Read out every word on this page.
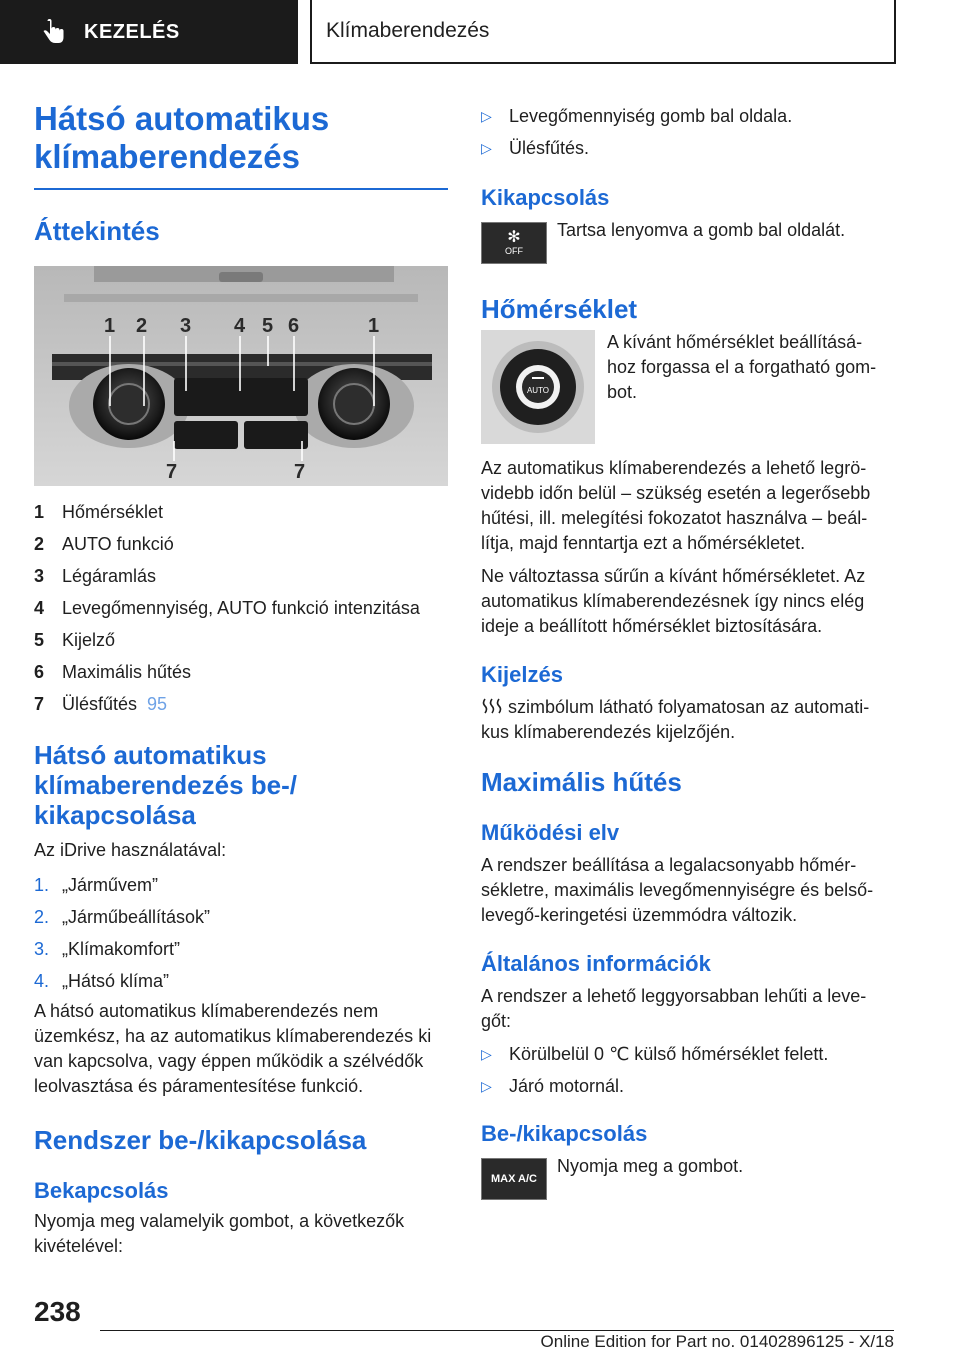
KEZELÉS	Klímaberendezés
Hátsó automatikus
klímaberendezés
Áttekintés
1 2 3 4 5 6	1
7	7
1 Hőmérséklet
2 AUTO funkció
3 Légáramlás
4 Levegőmennyiség, AUTO funkció intenzitása
5 Kijelző
6 Maximális hűtés
7 Ülésfűtés 95
Hátsó automatikus
klímaberendezés be-/
kikapcsolása

Az iDrive használatával:

1. „Járművem”
2. „Járműbeállítások”
3. „Klímakomfort”
4. „Hátsó klíma”

A hátsó automatikus klímaberendezés nem üzemkész, ha az automatikus klímaberendezés ki van kapcsolva, vagy éppen működik a szélvédők leolvasztása és páramentesítése funkció.

Rendszer be-/kikapcsolása
Bekapcsolás

Nyomja meg valamelyik gombot, a következők kivételével:

▷ Levegőmennyiség gomb bal oldala.
▷ Ülésfűtés.
Kikapcsolás
✻
OFF

Tartsa lenyomva a gomb bal oldalát.

Hőmérséklet
AUTO

A kívánt hőmérséklet beállításá-hoz forgassa el a forgatható gom-bot.

Az automatikus klímaberendezés a lehető legrö-videbb időn belül – szükség esetén a legerősebb hűtési, ill. melegítési fokozatot használva – beál-lítja, majd fenntartja ezt a hőmérsékletet.

Ne változtassa sűrűn a kívánt hőmérsékletet. Az automatikus klímaberendezésnek így nincs elég ideje a beállított hőmérséklet biztosítására.

Kijelzés

szimbólum látható folyamatosan az automati-kus klímaberendezés kijelzőjén.

Maximális hűtés
Működési elv

A rendszer beállítása a legalacsonyabb hőmér-sékletre, maximális levegőmennyiségre és belső-levegő-keringetési üzemmódra változik.

Általános információk

A rendszer a lehető leggyorsabban lehűti a leve-gőt:

▷ Körülbelül 0 ℃ külső hőmérséklet felett.
▷ Járó motornál.
Be-/kikapcsolás
MAX A/C

Nyomja meg a gombot.

238
Online Edition for Part no. 01402896125 - X/18
